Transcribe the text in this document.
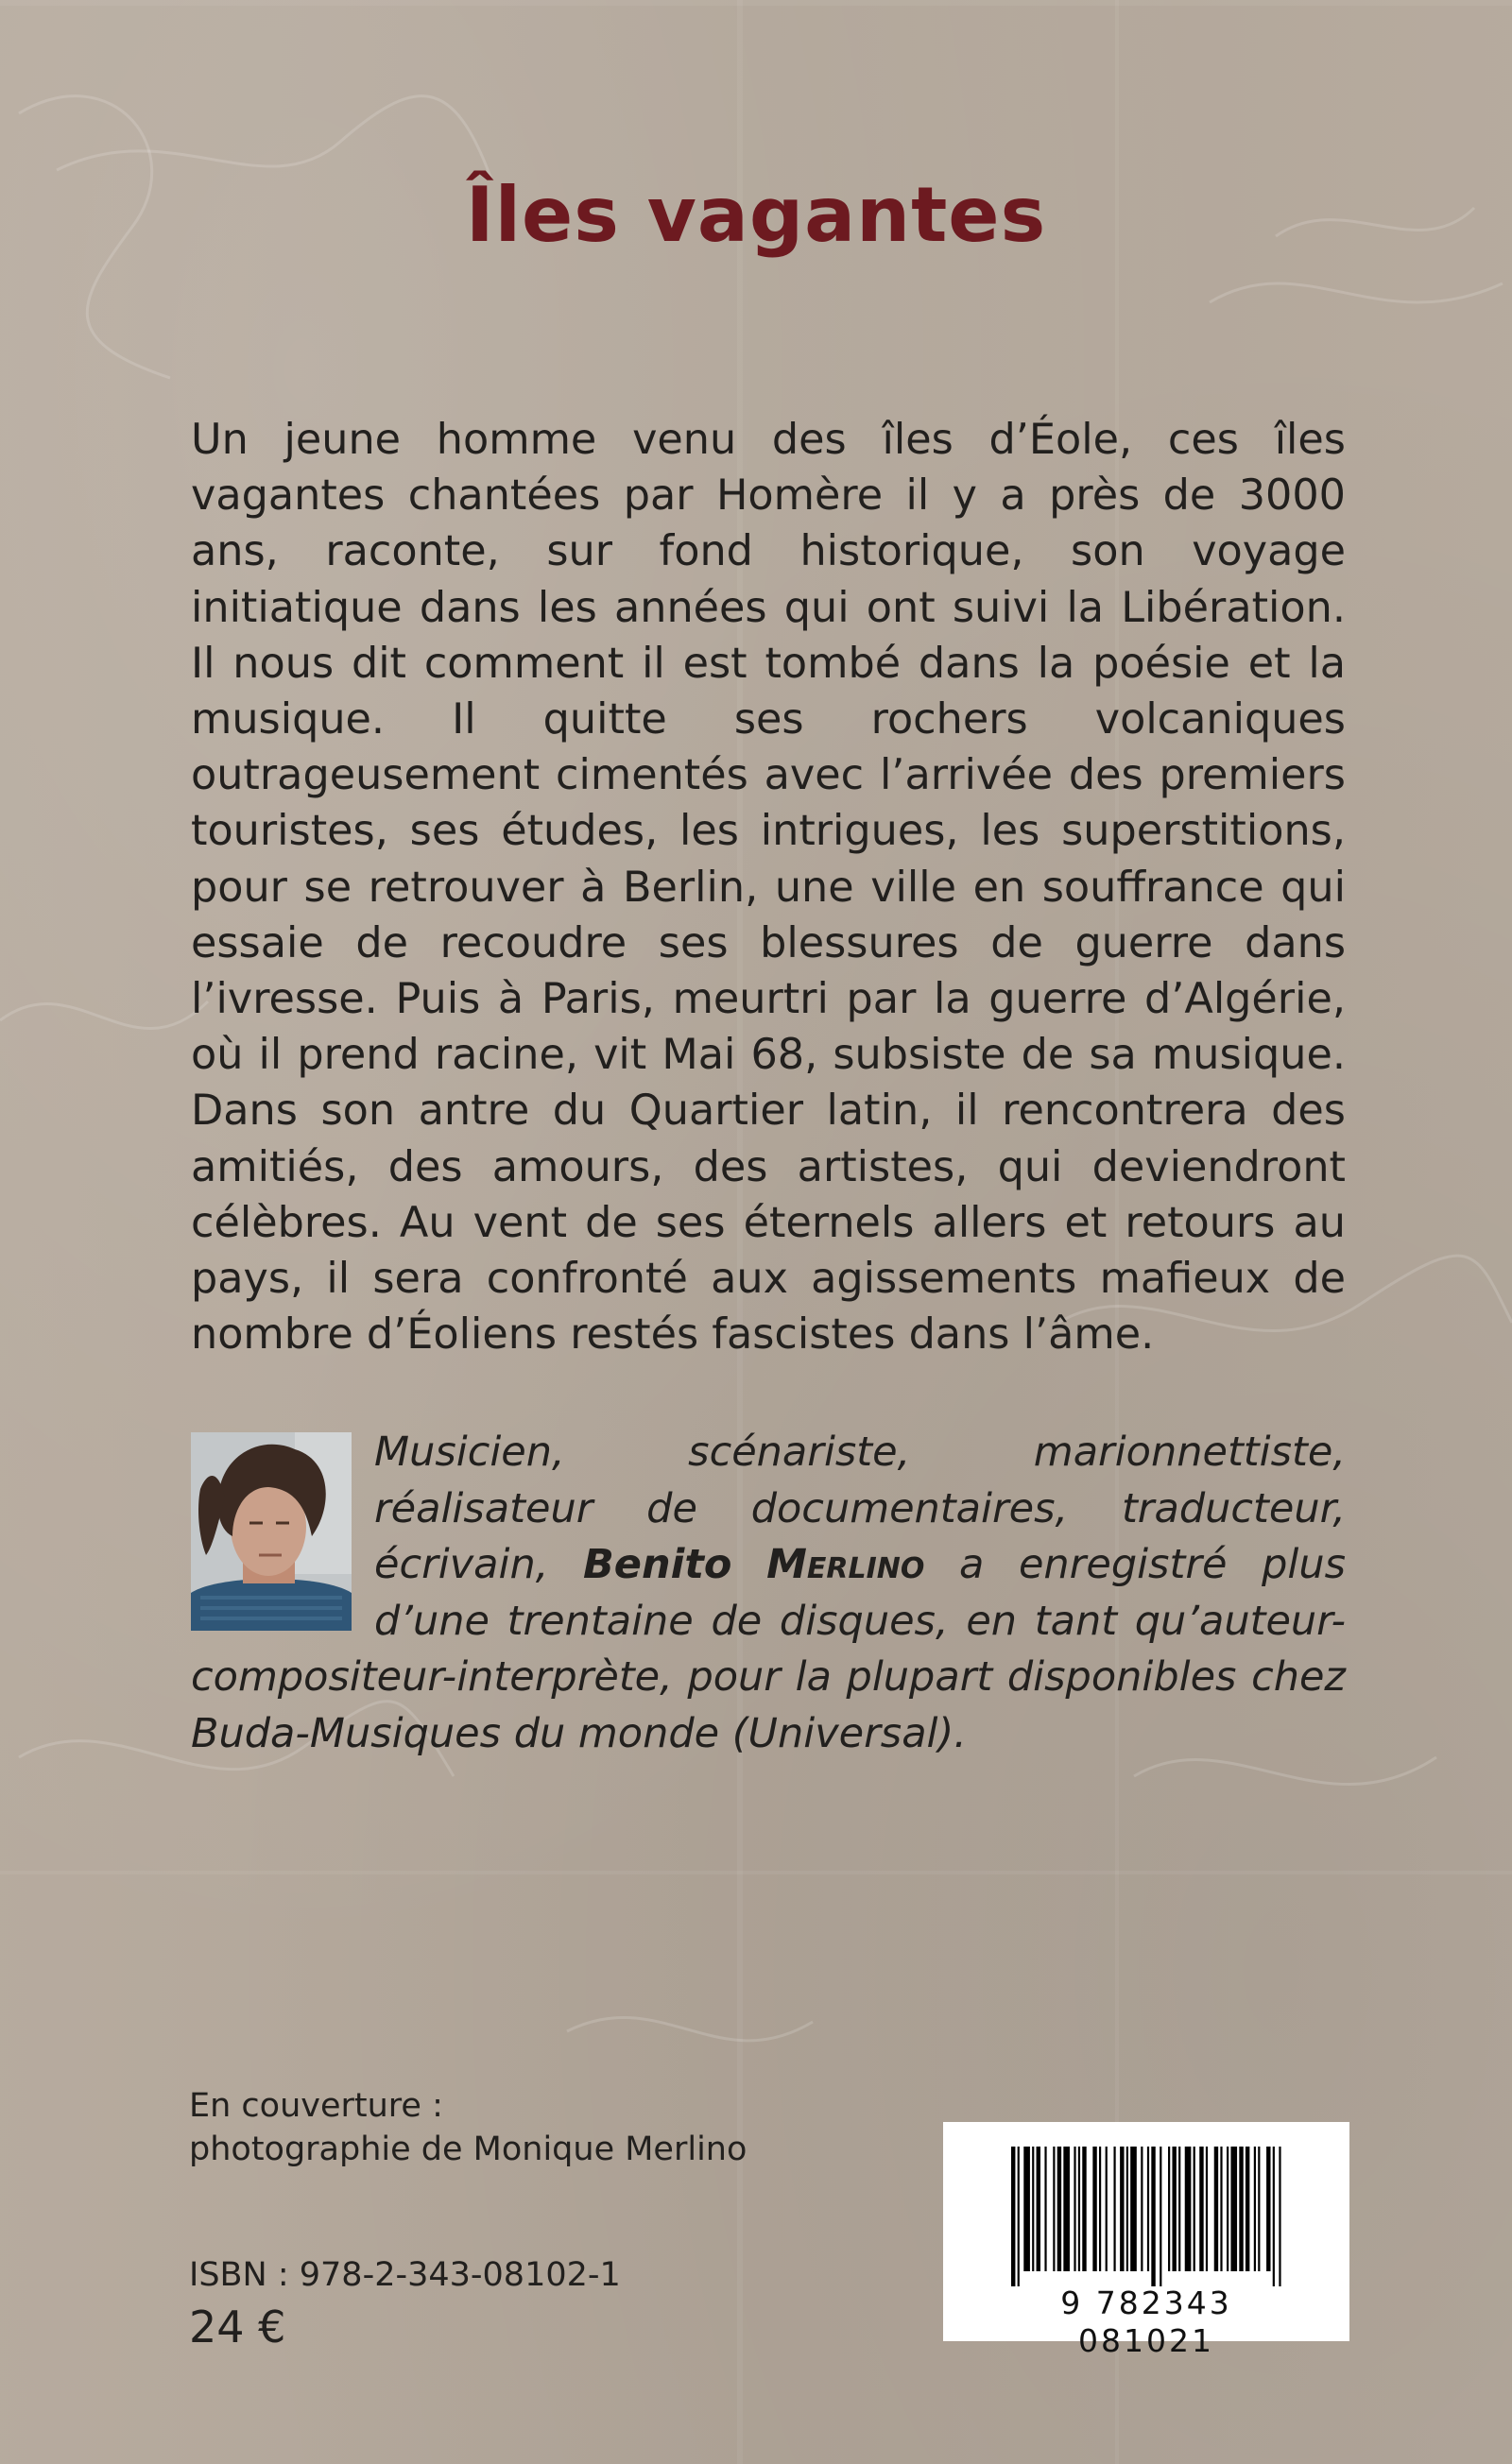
Îles vagantes

Un jeune homme venu des îles d’Éole, ces îles vagantes chantées par Homère il y a près de 3000 ans, raconte, sur fond historique, son voyage initiatique dans les années qui ont suivi la Libération. Il nous dit comment il est tombé dans la poésie et la musique. Il quitte ses rochers volcaniques outrageusement cimentés avec l’arrivée des premiers touristes, ses études, les intrigues, les superstitions, pour se retrouver à Berlin, une ville en souffrance qui essaie de recoudre ses blessures de guerre dans l’ivresse. Puis à Paris, meurtri par la guerre d’Algérie, où il prend racine, vit Mai 68, subsiste de sa musique. Dans son antre du Quartier latin, il rencontrera des amitiés, des amours, des artistes, qui deviendront célèbres. Au vent de ses éternels allers et retours au pays, il sera confronté aux agissements mafieux de nombre d’Éoliens restés fascistes dans l’âme.

Musicien, scénariste, marionnettiste, réalisateur de documentaires, traducteur, écrivain, Benito Merlino a enregistré plus d’une trentaine de disques, en tant qu’auteur-compositeur-interprète, pour la plupart disponibles chez Buda-Musiques du monde (Universal).

En couverture :
photographie de Monique Merlino
ISBN : 978-2-343-08102-1
24 €	9 782343 081021
